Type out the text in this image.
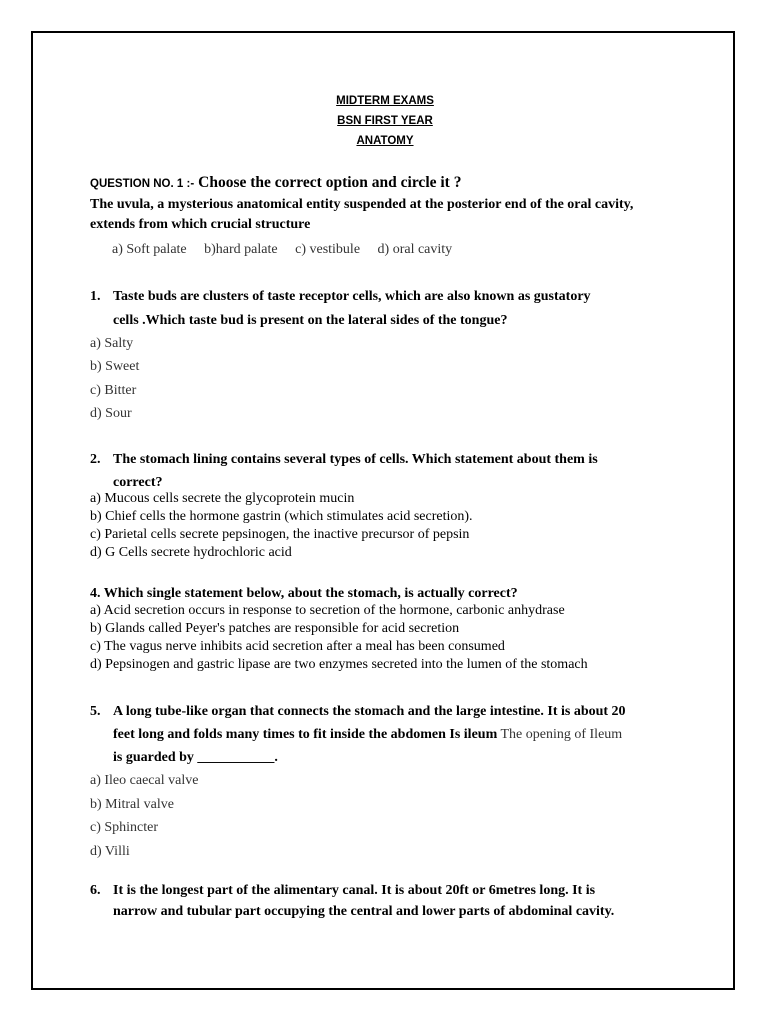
MIDTERM EXAMS
BSN FIRST YEAR
ANATOMY
QUESTION NO. 1 :- Choose the correct option and circle it ?
The uvula, a mysterious anatomical entity suspended at the posterior end of the oral cavity,
extends from which crucial structure
a) Soft palate b)hard palate c) vestibule d) oral cavity
1. Taste buds are clusters of taste receptor cells, which are also known as gustatory
cells .Which taste bud is present on the lateral sides of the tongue?
a) Salty
b) Sweet
c) Bitter
d) Sour
2. The stomach lining contains several types of cells. Which statement about them is
correct?
a) Mucous cells secrete the glycoprotein mucin
b) Chief cells the hormone gastrin (which stimulates acid secretion).
c) Parietal cells secrete pepsinogen, the inactive precursor of pepsin
d) G Cells secrete hydrochloric acid
4. Which single statement below, about the stomach, is actually correct?
a) Acid secretion occurs in response to secretion of the hormone, carbonic anhydrase
b) Glands called Peyer's patches are responsible for acid secretion
c) The vagus nerve inhibits acid secretion after a meal has been consumed
d) Pepsinogen and gastric lipase are two enzymes secreted into the lumen of the stomach
5. A long tube-like organ that connects the stomach and the large intestine. It is about 20
feet long and folds many times to fit inside the abdomen Is ileum The opening of Ileum
is guarded by ___________.
a) Ileo caecal valve
b) Mitral valve
c) Sphincter
d) Villi
6. It is the longest part of the alimentary canal. It is about 20ft or 6metres long. It is
narrow and tubular part occupying the central and lower parts of abdominal cavity.
